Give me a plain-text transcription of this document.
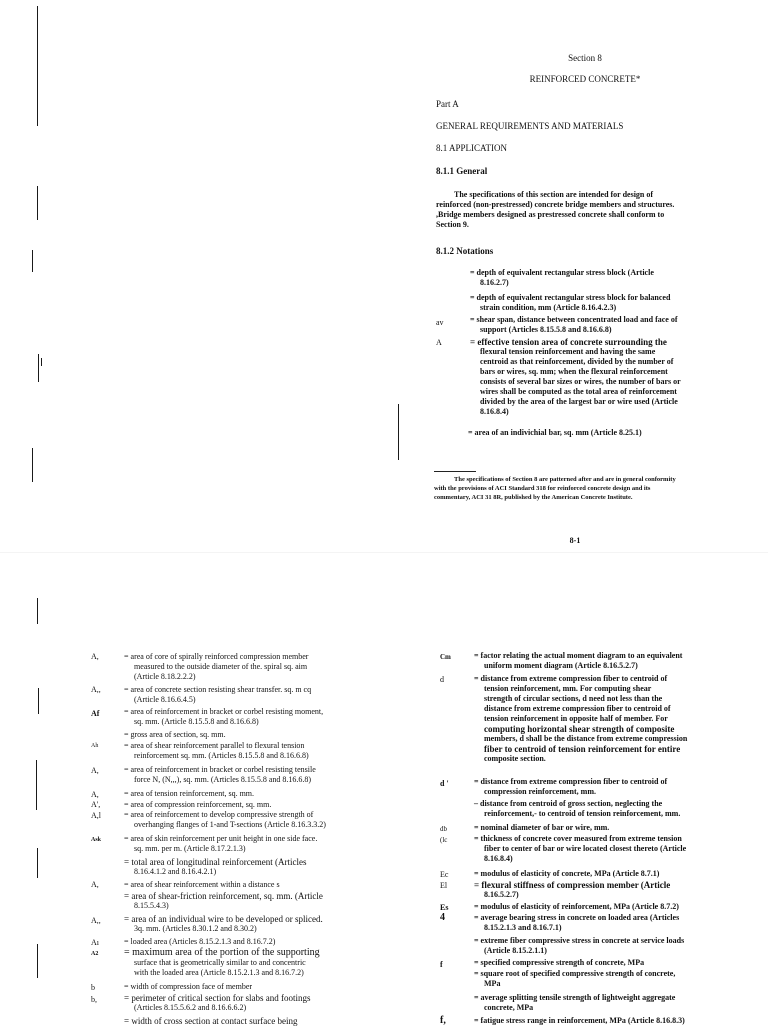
Section 8
REINFORCED CONCRETE*
Part A
GENERAL REQUIREMENTS AND MATERIALS
8.1 APPLICATION
8.1.1 General
The specifications of this section are intended for design of
reinforced (non-prestressed) concrete bridge members and structures.
,Bridge members designed as prestressed concrete shall conform to
Section 9.
8.1.2 Notations
= depth of equivalent rectangular stress block (Article
8.16.2.7)
= depth of equivalent rectangular stress block for balanced
strain condition, mm (Article 8.16.4.2.3)
av	= shear span, distance between concentrated load and face of
support (Articles 8.15.5.8 and 8.16.6.8)
A	= effective tension area of concrete surrounding the
flexural tension reinforcement and having the same
centroid as that reinforcement, divided by the number of
bars or wires, sq. mm; when the flexural reinforcement
consists of several bar sizes or wires, the number of bars or
wires shall be computed as the total area of reinforcement
divided by the area of the largest bar or wire used (Article
8.16.8.4)
= area of an indivichial bar, sq. mm (Article 8.25.1)
The specifications of Section 8 are patterned after and are in general conformity
with the provisions of ACI Standard 318 for reinforced concrete design and its
commentary, ACI 31 8R, published by the American Concrete Institute.
8-1
A,	= area of core of spirally reinforced compression member
measured to the outside diameter of the. spiral sq. aim
(Article 8.18.2.2.2)
A,,	= area of concrete section resisting shear transfer. sq. m cq
(Article 8.16.6.4.5)
Af	= area of reinforcement in bracket or corbel resisting moment,
sq. mm. (Article 8.15.5.8 and 8.16.6.8)
= gross area of section, sq. mm.
Ah	= area of shear reinforcement parallel to flexural tension
reinforcement sq. mm. (Articles 8.15.5.8 and 8.16.6.8)
A,	= area of reinforcement in bracket or corbel resisting tensile
force N, (N,,,), sq. mm. (Articles 8.15.5.8 and 8.16.6.8)
A,	= area of tension reinforcement, sq. mm.
A',	= area of compression reinforcement, sq. mm.
A,l	= area of reinforcement to develop compressive strength of
overhanging flanges of 1-and T-sections (Article 8.16.3.3.2)
Ask	= area of skin reinforcement per unit height in one side face.
sq. mm. per m. (Article 8.17.2.1.3)
= total area of longitudinal reinforcement (Articles
8.16.4.1.2 and 8.16.4.2.1)
A,	= area of shear reinforcement within a distance s
= area of shear-friction reinforcement, sq. mm. (Article
8.15.5.4.3)
A,,	= area of an individual wire to be developed or spliced.
3q. mm. (Articles 8.30.1.2 and 8.30.2)
Aı	= loaded area (Articles 8.15.2.1.3 and 8.16.7.2)
A2	= maximum area of the portion of the supporting
surface that is geometrically similar to and concentric
with the loaded area (Article 8.15.2.1.3 and 8.16.7.2)
b	= width of compression face of member
b,	= perimeter of critical section for slabs and footings
(Articles 8.15.5.6.2 and 8.16.6.6.2)
= width of cross section at contact surface being
Cm	= factor relating the actual moment diagram to an equivalent
uniform moment diagram (Article 8.16.5.2.7)
d	= distance from extreme compression fiber to centroid of
tension reinforcement, mm. For computing shear
strength of circular sections, d need not less than the
distance from extreme compression fiber to centroid of
tension reinforcement in opposite half of member. For
computing horizontal shear strength of composite
members, d shall be the distance from extreme compression
fiber to centroid of tension reinforcement for entire
composite section.
d '	= distance from extreme compression fiber to centroid of
compression reinforcement, mm.
– distance from centroid of gross section, neglecting the
reinforcement,- to centroid of tension reinforcement, mm.
db	= nominal diameter of bar or wire, mm.
(lc	= thickness of concrete cover measured from extreme tension
fiber to center of bar or wire located closest thereto (Article
8.16.8.4)
Ec	= modulus of elasticity of concrete, MPa (Article 8.7.1)
El	= flexural stiffness of compression member (Article
8.16.5.2.7)
Es	= modulus of elasticity of reinforcement, MPa (Article 8.7.2)
4	= average bearing stress in concrete on loaded area (Articles
8.15.2.1.3 and 8.16.7.1)
= extreme fiber compressive stress in concrete at service loads
(Article 8.15.2.1.1)
f	= specified compressive strength of concrete, MPa
= square root of specified compressive strength of concrete,
MPa
= average splitting tensile strength of lightweight aggregate
concrete, MPa
f,	= fatigue stress range in reinforcement, MPa (Article 8.16.8.3)
